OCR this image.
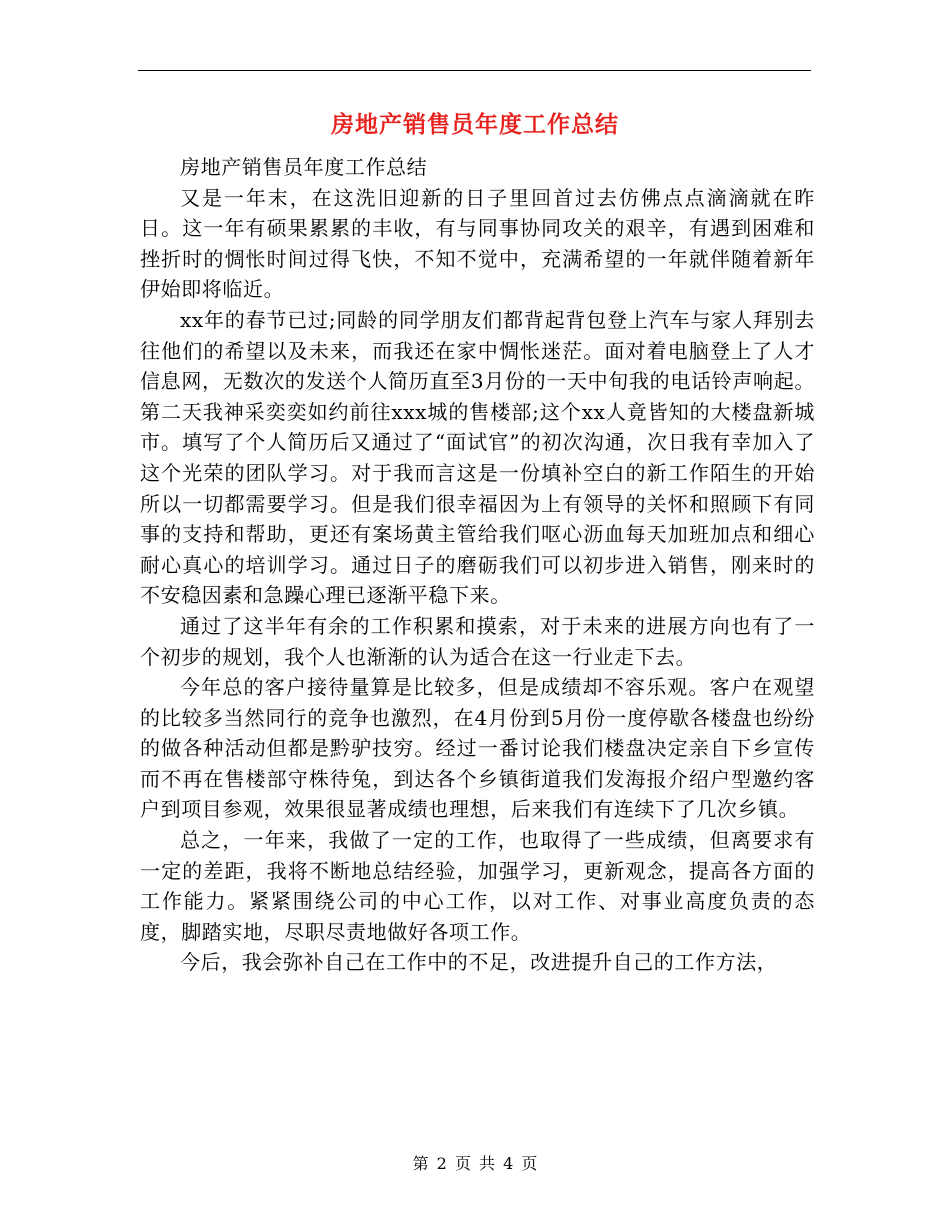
房地产销售员年度工作总结

房地产销售员年度工作总结

又是一年末，在这洗旧迎新的日子里回首过去仿佛点点滴滴就在昨日。这一年有硕果累累的丰收，有与同事协同攻关的艰辛，有遇到困难和挫折时的惆怅时间过得飞快，不知不觉中，充满希望的一年就伴随着新年伊始即将临近。

xx年的春节已过;同龄的同学朋友们都背起背包登上汽车与家人拜别去往他们的希望以及未来，而我还在家中惆怅迷茫。面对着电脑登上了人才信息网，无数次的发送个人简历直至3月份的一天中旬我的电话铃声响起。第二天我神采奕奕如约前往xxx城的售楼部;这个xx人竟皆知的大楼盘新城市。填写了个人简历后又通过了“面试官”的初次沟通，次日我有幸加入了这个光荣的团队学习。对于我而言这是一份填补空白的新工作陌生的开始所以一切都需要学习。但是我们很幸福因为上有领导的关怀和照顾下有同事的支持和帮助，更还有案场黄主管给我们呕心沥血每天加班加点和细心耐心真心的培训学习。通过日子的磨砺我们可以初步进入销售，刚来时的不安稳因素和急躁心理已逐渐平稳下来。

通过了这半年有余的工作积累和摸索，对于未来的进展方向也有了一个初步的规划，我个人也渐渐的认为适合在这一行业走下去。

今年总的客户接待量算是比较多，但是成绩却不容乐观。客户在观望的比较多当然同行的竞争也激烈，在4月份到5月份一度停歇各楼盘也纷纷的做各种活动但都是黔驴技穷。经过一番讨论我们楼盘决定亲自下乡宣传而不再在售楼部守株待兔，到达各个乡镇街道我们发海报介绍户型邀约客户到项目参观，效果很显著成绩也理想，后来我们有连续下了几次乡镇。

总之，一年来，我做了一定的工作，也取得了一些成绩，但离要求有一定的差距，我将不断地总结经验，加强学习，更新观念，提高各方面的工作能力。紧紧围绕公司的中心工作，以对工作、对事业高度负责的态度，脚踏实地，尽职尽责地做好各项工作。

今后，我会弥补自己在工作中的不足，改进提升自己的工作方法，

第 2 页 共 4 页
